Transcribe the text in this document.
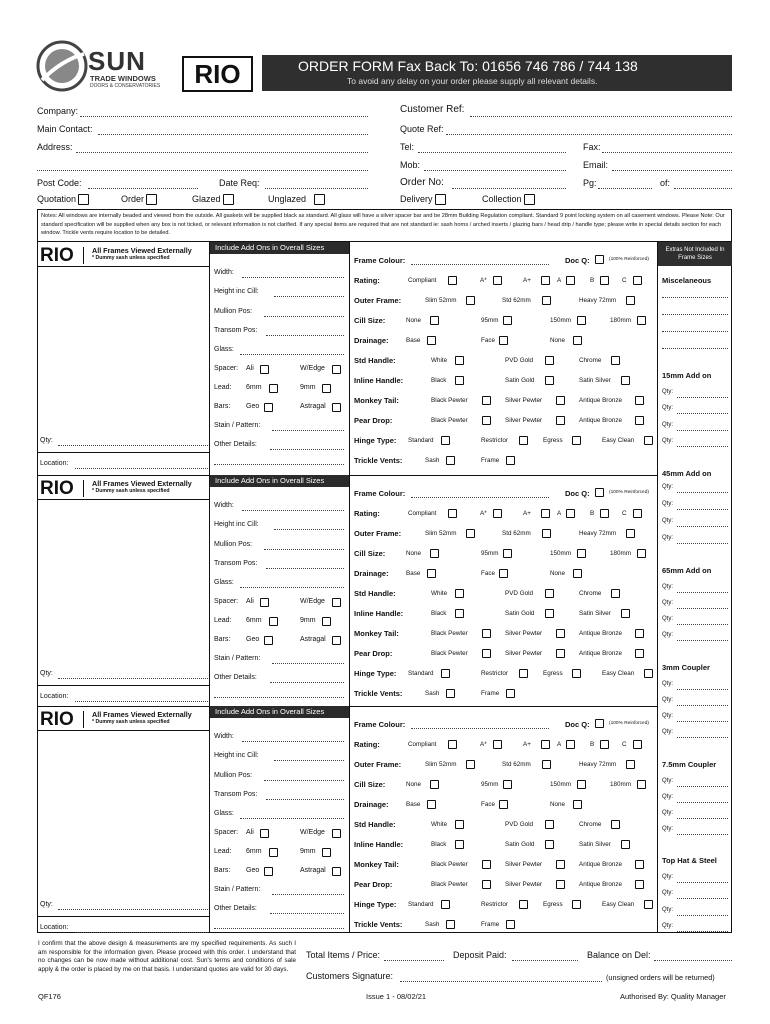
SUN
TRADE WINDOWS
DOORS & CONSERVATORIES	RIO	ORDER FORM Fax Back To: 01656 746 786 / 744 138
To avoid any delay on your order please supply all relevant details.
Company:
Main Contact:
Address:
Post Code:	Date Req:
Quotation	Order	Glazed	Unglazed
Customer Ref:
Quote Ref:
Tel:	Fax:
Mob:	Email:
Order No:	Pg:	of:
Delivery	Collection
Notes: All windows are internally beaded and viewed from the outside. All gaskets will be supplied black as standard. All glass will have a silver spacer bar and be 28mm Building Regulation compliant. Standard 9 point locking system on all casement windows. Please Note: Our standard specification will be supplied when any box is not ticked, or relevant information is not clarified. If any special items are required that are not standard ie: sash horns / arched inserts / glazing bars / head drip / handle type; please write in special details section for each window. Trickle vents require location to be detailed.
RIO	All Frames Viewed Externally
* Dummy sash unless specified
Qty:
Location:
Include Add Ons in Overall Sizes
Width:
Height inc Cill:
Mullion Pos:
Transom Pos:
Glass:
Spacer: Ali	W/Edge
Lead: 6mm	9mm
Bars: Geo	Astragal
Stain / Pattern:
Other Details:
Frame Colour:	Doc Q:	(100% Reinforced)
Rating:	Compliant	A*	A+	A	B	C
Outer Frame:	Slim 52mm	Std 62mm	Heavy 72mm
Cill Size:	None	95mm	150mm	180mm
Drainage:	Base	Face	None
Std Handle:	White	PVD Gold	Chrome
Inline Handle:	Black	Satin Gold	Satin Silver
Monkey Tail:	Black Pewter	Silver Pewter	Antique Bronze
Pear Drop:	Black Pewter	Silver Pewter	Antique Bronze
Hinge Type: Standard	Restrictor	Egress	Easy Clean
Trickle Vents:	Sash	Frame
RIO	All Frames Viewed Externally
* Dummy sash unless specified
Qty:
Location:
Include Add Ons in Overall Sizes
Width:
Height inc Cill:
Mullion Pos:
Transom Pos:
Glass:
Spacer: Ali	W/Edge
Lead: 6mm	9mm
Bars: Geo	Astragal
Stain / Pattern:
Other Details:
Frame Colour:	Doc Q:	(100% Reinforced)
Rating:	Compliant	A*	A+	A	B	C
Outer Frame:	Slim 52mm	Std 62mm	Heavy 72mm
Cill Size:	None	95mm	150mm	180mm
Drainage:	Base	Face	None
Std Handle:	White	PVD Gold	Chrome
Inline Handle:	Black	Satin Gold	Satin Silver
Monkey Tail:	Black Pewter	Silver Pewter	Antique Bronze
Pear Drop:	Black Pewter	Silver Pewter	Antique Bronze
Hinge Type: Standard	Restrictor	Egress	Easy Clean
Trickle Vents:	Sash	Frame
RIO	All Frames Viewed Externally
* Dummy sash unless specified
Qty:
Location:
Include Add Ons in Overall Sizes
Width:
Height inc Cill:
Mullion Pos:
Transom Pos:
Glass:
Spacer: Ali	W/Edge
Lead: 6mm	9mm
Bars: Geo	Astragal
Stain / Pattern:
Other Details:
Frame Colour:	Doc Q:	(100% Reinforced)
Rating:	Compliant	A*	A+	A	B	C
Outer Frame:	Slim 52mm	Std 62mm	Heavy 72mm
Cill Size:	None	95mm	150mm	180mm
Drainage:	Base	Face	None
Std Handle:	White	PVD Gold	Chrome
Inline Handle:	Black	Satin Gold	Satin Silver
Monkey Tail:	Black Pewter	Silver Pewter	Antique Bronze
Pear Drop:	Black Pewter	Silver Pewter	Antique Bronze
Hinge Type: Standard	Restrictor	Egress	Easy Clean
Trickle Vents:	Sash	Frame
Extras Not Included In Frame Sizes
Miscelaneous
15mm Add on
Qty:
Qty:
Qty:
Qty:
45mm Add on
Qty:
Qty:
Qty:
Qty:
65mm Add on
Qty:
Qty:
Qty:
Qty:
3mm Coupler
Qty:
Qty:
Qty:
Qty:
7.5mm Coupler
Qty:
Qty:
Qty:
Qty:
Top Hat & Steel
Qty:
Qty:
Qty:
Qty:
I confirm that the above design & measurements are my specified requirements. As such I am responsible for the information given. Please proceed with this order. I understand that no changes can be now made without additional cost. Sun's terms and conditions of sale apply & the order is placed by me on that basis. I understand quotes are valid for 30 days.
Total Items / Price:	Deposit Paid:	Balance on Del:
Customers Signature:	(unsigned orders will be returned)
QF176	Issue 1 - 08/02/21	Authorised By: Quality Manager
